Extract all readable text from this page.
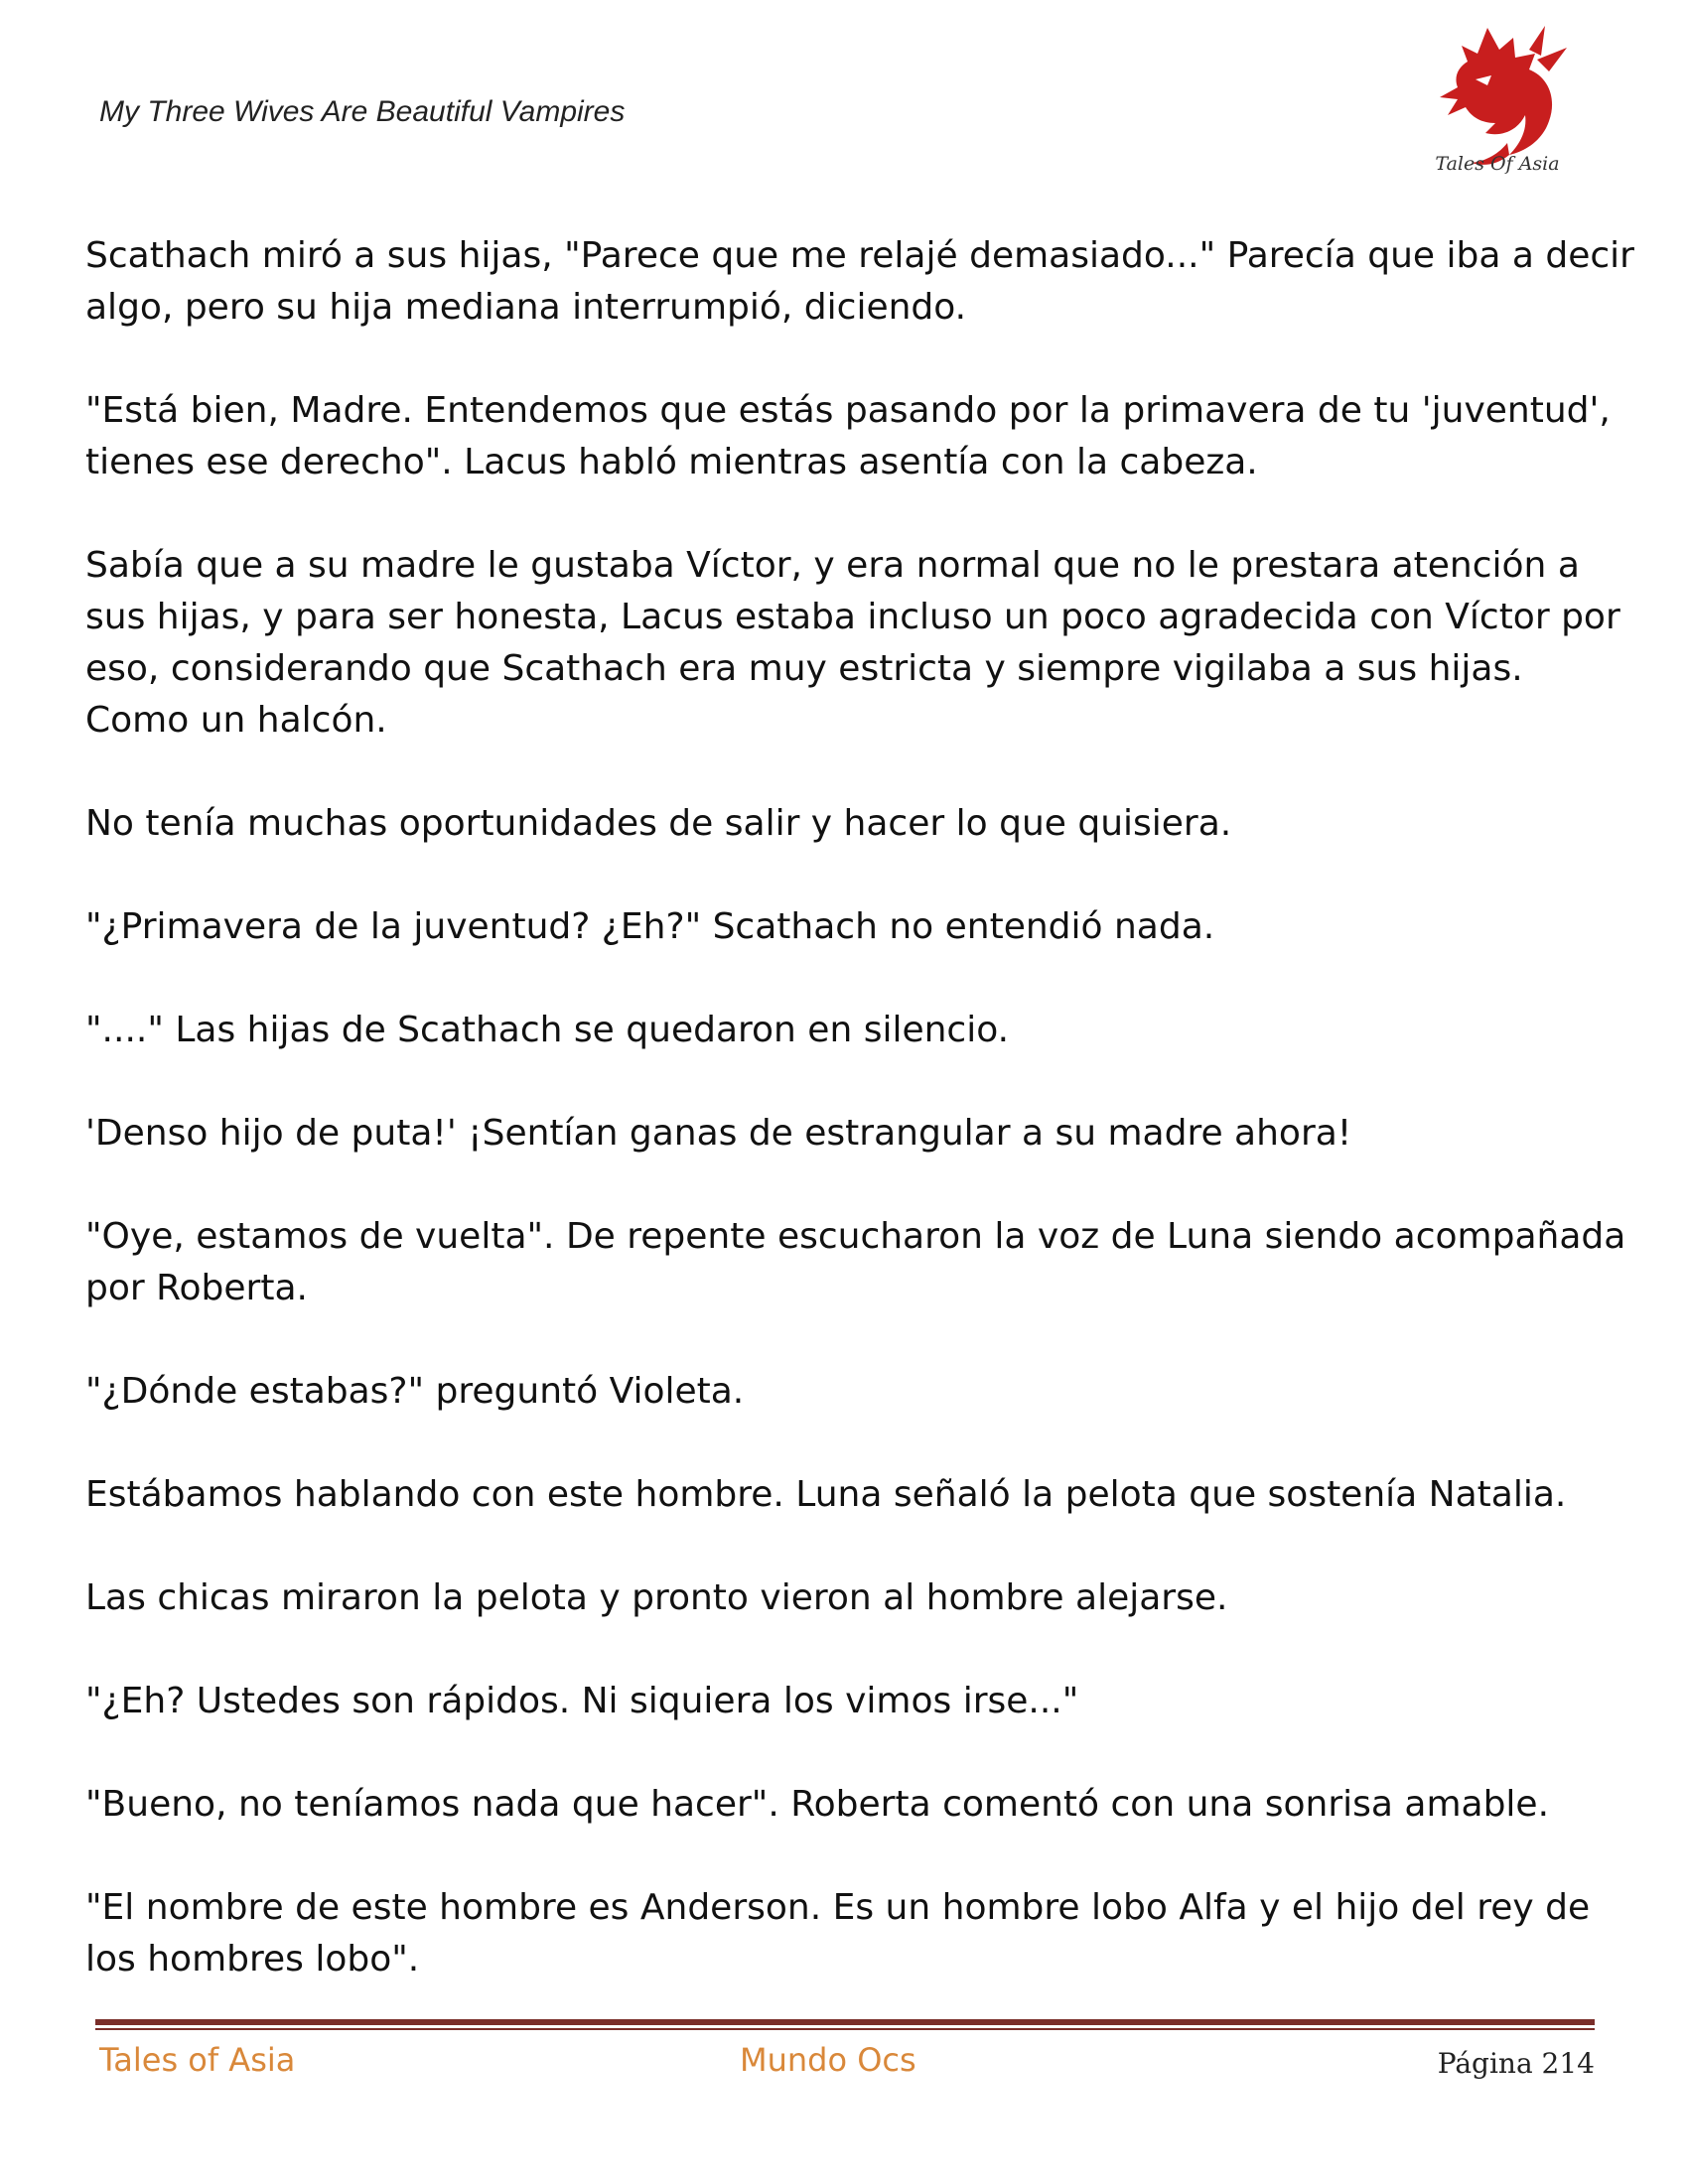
My Three Wives Are Beautiful Vampires
Tales Of Asia

Scathach miró a sus hijas, "Parece que me relajé demasiado..." Parecía que iba a decir algo, pero su hija mediana interrumpió, diciendo.

"Está bien, Madre. Entendemos que estás pasando por la primavera de tu 'juventud', tienes ese derecho". Lacus habló mientras asentía con la cabeza.

Sabía que a su madre le gustaba Víctor, y era normal que no le prestara atención a sus hijas, y para ser honesta, Lacus estaba incluso un poco agradecida con Víctor por eso, considerando que Scathach era muy estricta y siempre vigilaba a sus hijas. Como un halcón.

No tenía muchas oportunidades de salir y hacer lo que quisiera.

"¿Primavera de la juventud? ¿Eh?" Scathach no entendió nada.

"...." Las hijas de Scathach se quedaron en silencio.

'Denso hijo de puta!' ¡Sentían ganas de estrangular a su madre ahora!

"Oye, estamos de vuelta". De repente escucharon la voz de Luna siendo acompañada por Roberta.

"¿Dónde estabas?" preguntó Violeta.

Estábamos hablando con este hombre. Luna señaló la pelota que sostenía Natalia.

Las chicas miraron la pelota y pronto vieron al hombre alejarse.

"¿Eh? Ustedes son rápidos. Ni siquiera los vimos irse..."

"Bueno, no teníamos nada que hacer". Roberta comentó con una sonrisa amable.

"El nombre de este hombre es Anderson. Es un hombre lobo Alfa y el hijo del rey de los hombres lobo".

Tales of Asia	Mundo Ocs	Página 214
